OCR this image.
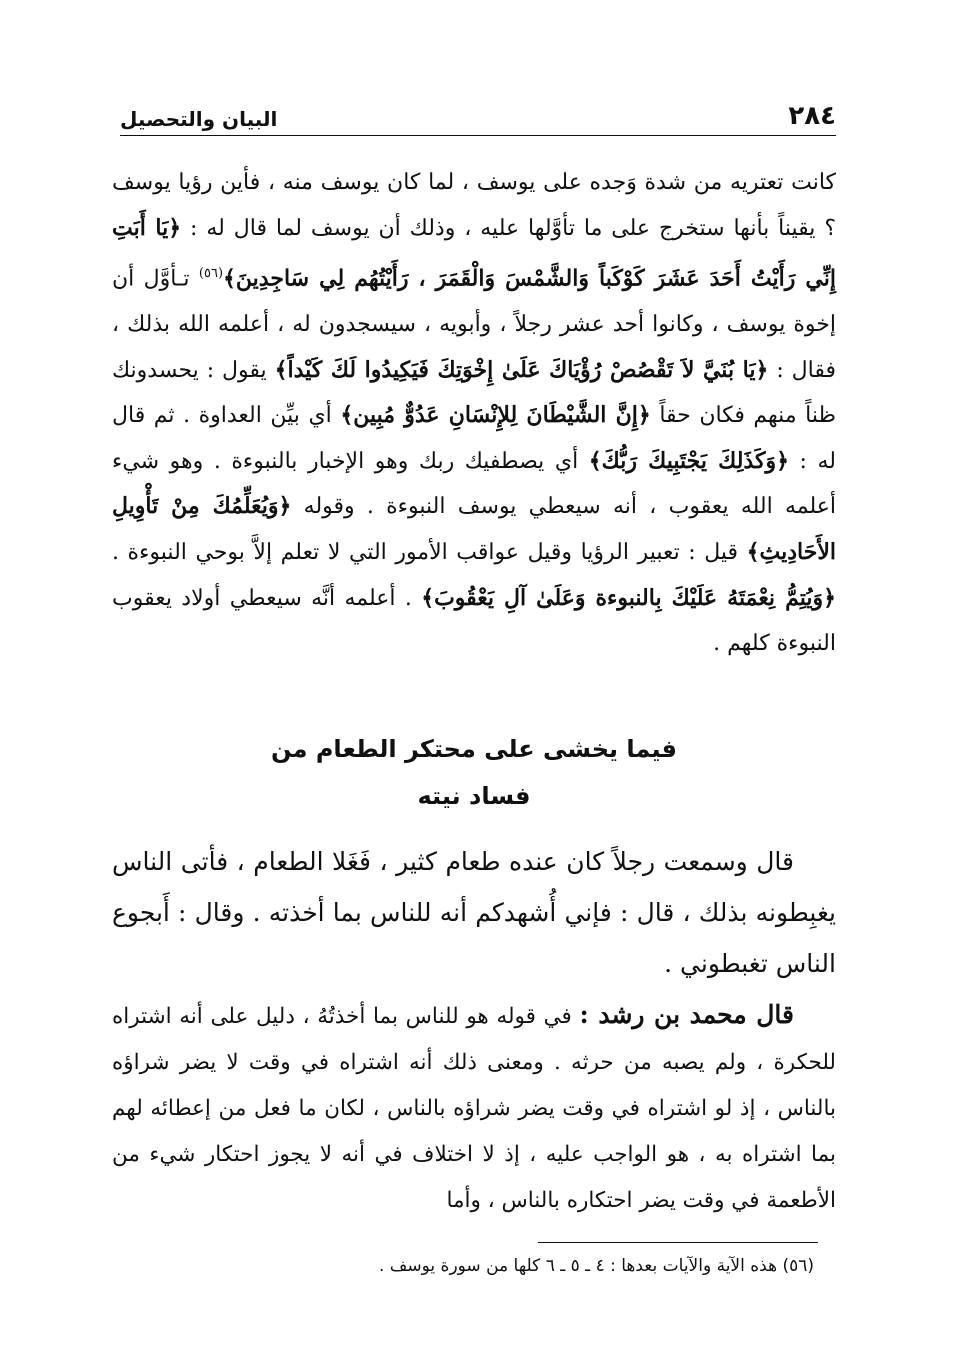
٢٨٤
البيان والتحصيل
كانت تعتريه من شدة وَجده على يوسف ، لما كان يوسف منه ، فأين رؤيا يوسف ؟ يقيناً بأنها ستخرج على ما تأوَّلها عليه ، وذلك أن يوسف لما قال له : ﴿يَا أَبَتِ إِنِّي رَأَيْتُ أَحَدَ عَشَرَ كَوْكَباً وَالشَّمْسَ وَالْقَمَرَ ، رَأَيْتُهُم لِي سَاجِدِينَ﴾$^{(٥٦)}$ تـأوَّل أن إخوة يوسف ، وكانوا أحد عشر رجلاً ، وأبويه ، سيسجدون له ، أعلمه الله بذلك ، فقال : ﴿يَا بُنَيَّ لاَ تَقْصُصْ رُؤْيَاكَ عَلَىٰ إِخْوَتِكَ فَيَكِيدُوا لَكَ كَيْداً﴾ يقول : يحسدونك ظناً منهم فكان حقاً ﴿إِنَّ الشَّيْطَانَ لِلإِنْسَانِ عَدُوٌّ مُبِين﴾ أي بيِّن العداوة . ثم قال له : ﴿وَكَذَلِكَ يَجْتَبِيكَ رَبُّكَ﴾ أي يصطفيك ربك وهو الإخبار بالنبوءة . وهو شيء أعلمه الله يعقوب ، أنه سيعطي يوسف النبوءة . وقوله ﴿وَيُعَلِّمُكَ مِنْ تَأْوِيلِ الأَحَادِيثِ﴾ قيل : تعبير الرؤيا وقيل عواقب الأمور التي لا تعلم إلاَّ بوحي النبوءة . ﴿وَيُتِمُّ نِعْمَتَهُ عَلَيْكَ بِالنبوءة وَعَلَىٰ آلِ يَعْقُوبَ﴾ . أعلمه أنَّه سيعطي أولاد يعقوب النبوءة كلهم .
فيما يخشى على محتكر الطعام من
فساد نيته
قال وسمعت رجلاً كان عنده طعام كثير ، فَغَلا الطعام ، فأتى الناس يغبِطونه بذلك ، قال : فإني أُشهدكم أنه للناس بما أخذته . وقال : أَبجوع الناس تغبطوني .
قال محمد بن رشد : في قوله هو للناس بما أخذتُهُ ، دليل على أنه اشتراه للحكرة ، ولم يصبه من حرثه . ومعنى ذلك أنه اشتراه في وقت لا يضر شراؤه بالناس ، إذ لو اشتراه في وقت يضر شراؤه بالناس ، لكان ما فعل من إعطائه لهم بما اشتراه به ، هو الواجب عليه ، إذ لا اختلاف في أنه لا يجوز احتكار شيء من الأطعمة في وقت يضر احتكاره بالناس ، وأما
(٥٦) هذه الآية والآيات بعدها : ٤ ـ ٥ ـ ٦ كلها من سورة يوسف .
